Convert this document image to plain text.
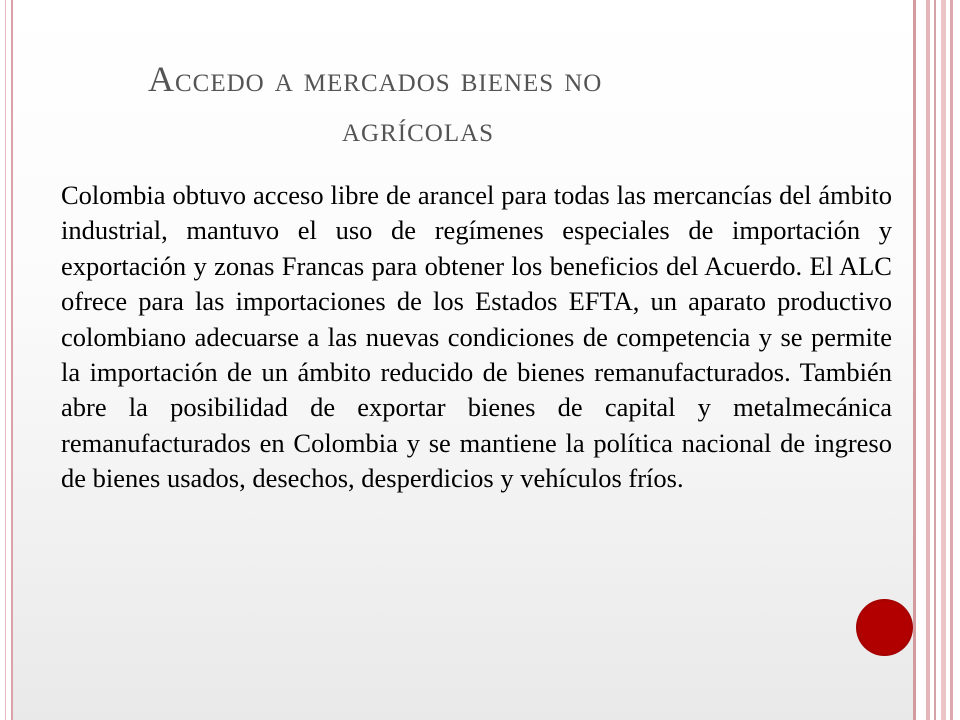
Accedo a mercados bienes no
agrícolas

Colombia obtuvo acceso libre de arancel para todas las mercancías del ámbito industrial, mantuvo el uso de regímenes especiales de importación y exportación y zonas Francas para obtener los beneficios del Acuerdo. El ALC ofrece para las importaciones de los Estados EFTA, un aparato productivo colombiano adecuarse a las nuevas condiciones de competencia y se permite la importación de un ámbito reducido de bienes remanufacturados. También abre la posibilidad de exportar bienes de capital y metalmecánica remanufacturados en Colombia y se mantiene la política nacional de ingreso de bienes usados, desechos, desperdicios y vehículos fríos.
